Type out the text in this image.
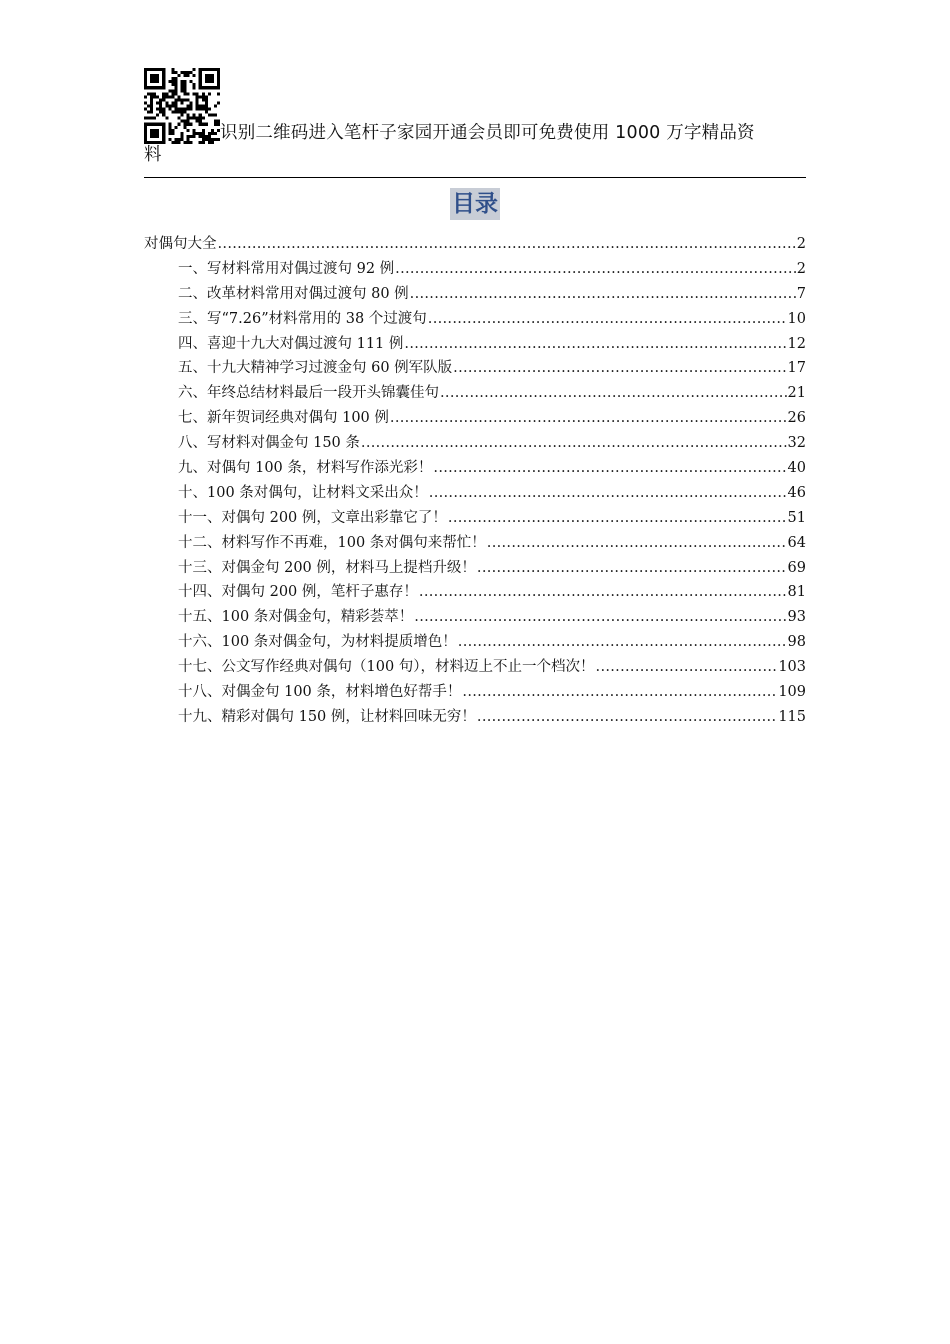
识别二维码进入笔杆子家园开通会员即可免费使用 1000 万字精品资
料
目录
对偶句大全 .....	2
一、写材料常用对偶过渡句 92 例 .....	2
二、改革材料常用对偶过渡句 80 例 .....	7
三、写“7.26”材料常用的 38 个过渡句 .....	10
四、喜迎十九大对偶过渡句 111 例 .....	12
五、十九大精神学习过渡金句 60 例军队版 .....	17
六、年终总结材料最后一段开头锦囊佳句 .....	21
七、新年贺词经典对偶句 100 例 .....	26
八、写材料对偶金句 150 条 .....	32
九、对偶句 100 条，材料写作添光彩！ .....	40
十、100 条对偶句，让材料文采出众！ .....	46
十一、对偶句 200 例，文章出彩靠它了！ .....	51
十二、材料写作不再难，100 条对偶句来帮忙！ .....	64
十三、对偶金句 200 例，材料马上提档升级！ .....	69
十四、对偶句 200 例，笔杆子惠存！ .....	81
十五、100 条对偶金句，精彩荟萃！ .....	93
十六、100 条对偶金句，为材料提质增色！ .....	98
十七、公文写作经典对偶句（100 句），材料迈上不止一个档次！ .....	103
十八、对偶金句 100 条，材料增色好帮手！ .....	109
十九、精彩对偶句 150 例，让材料回味无穷！ .....	115
